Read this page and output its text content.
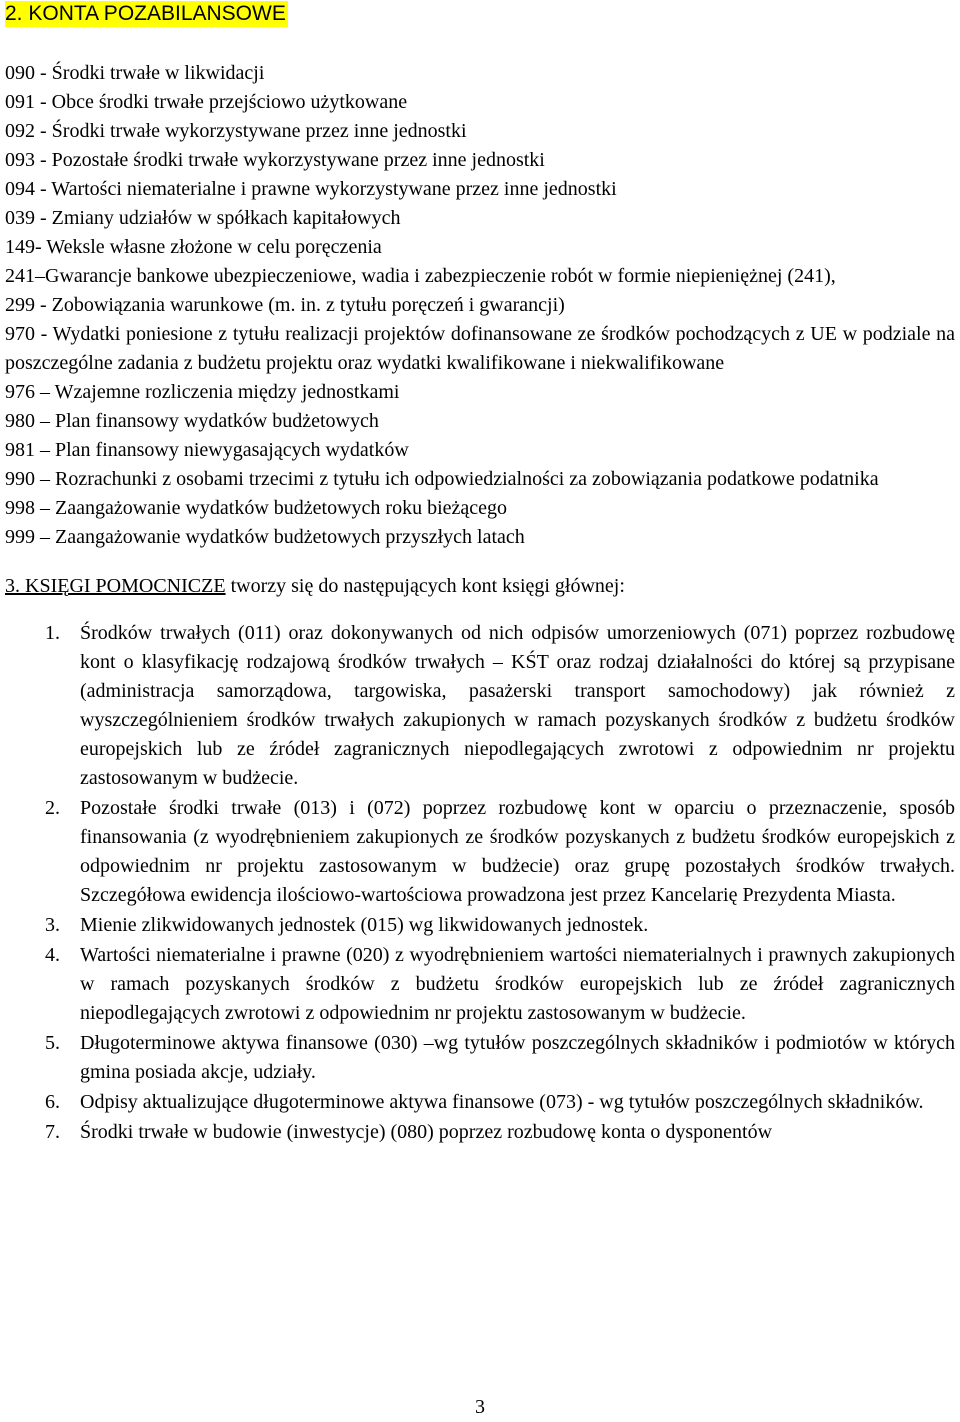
2. KONTA POZABILANSOWE
090 - Środki trwałe w likwidacji
091 - Obce środki trwałe przejściowo użytkowane
092 - Środki trwałe wykorzystywane przez inne jednostki
093 - Pozostałe środki trwałe wykorzystywane przez inne jednostki
094 - Wartości niematerialne i prawne wykorzystywane przez inne jednostki
039 - Zmiany udziałów w spółkach kapitałowych
149- Weksle własne złożone w celu poręczenia
241–Gwarancje bankowe ubezpieczeniowe, wadia i zabezpieczenie robót w formie niepieniężnej (241),
299 - Zobowiązania warunkowe (m. in. z tytułu poręczeń i gwarancji)
970 - Wydatki poniesione z tytułu realizacji projektów dofinansowane ze środków pochodzących z UE w podziale na poszczególne zadania z budżetu projektu oraz wydatki kwalifikowane i niekwalifikowane
976 – Wzajemne rozliczenia między jednostkami
980 – Plan finansowy wydatków budżetowych
981 – Plan finansowy niewygasających wydatków
990 – Rozrachunki z osobami trzecimi z tytułu ich odpowiedzialności za zobowiązania podatkowe podatnika
998 – Zaangażowanie wydatków budżetowych roku bieżącego
999 – Zaangażowanie wydatków budżetowych przyszłych latach
3. KSIĘGI POMOCNICZE tworzy się do następujących kont księgi głównej:
1. Środków trwałych (011) oraz dokonywanych od nich odpisów umorzeniowych (071) poprzez rozbudowę kont o klasyfikację rodzajową środków trwałych – KŚT oraz rodzaj działalności do której są przypisane (administracja samorządowa, targowiska, pasażerski transport samochodowy) jak również z wyszczególnieniem środków trwałych zakupionych w ramach pozyskanych środków z budżetu środków europejskich lub ze źródeł zagranicznych niepodlegających zwrotowi z odpowiednim nr projektu zastosowanym w budżecie.
2. Pozostałe środki trwałe (013) i (072) poprzez rozbudowę kont w oparciu o przeznaczenie, sposób finansowania (z wyodrębnieniem zakupionych ze środków pozyskanych z budżetu środków europejskich z odpowiednim nr projektu zastosowanym w budżecie) oraz grupę pozostałych środków trwałych. Szczegółowa ewidencja ilościowo-wartościowa prowadzona jest przez Kancelarię Prezydenta Miasta.
3. Mienie zlikwidowanych jednostek (015) wg likwidowanych jednostek.
4. Wartości niematerialne i prawne (020) z wyodrębnieniem wartości niematerialnych i prawnych zakupionych w ramach pozyskanych środków z budżetu środków europejskich lub ze źródeł zagranicznych niepodlegających zwrotowi z odpowiednim nr projektu zastosowanym w budżecie.
5. Długoterminowe aktywa finansowe (030) –wg tytułów poszczególnych składników i podmiotów w których gmina posiada akcje, udziały.
6. Odpisy aktualizujące długoterminowe aktywa finansowe (073) - wg tytułów poszczególnych składników.
7. Środki trwałe w budowie (inwestycje) (080) poprzez rozbudowę konta o dysponentów
3
